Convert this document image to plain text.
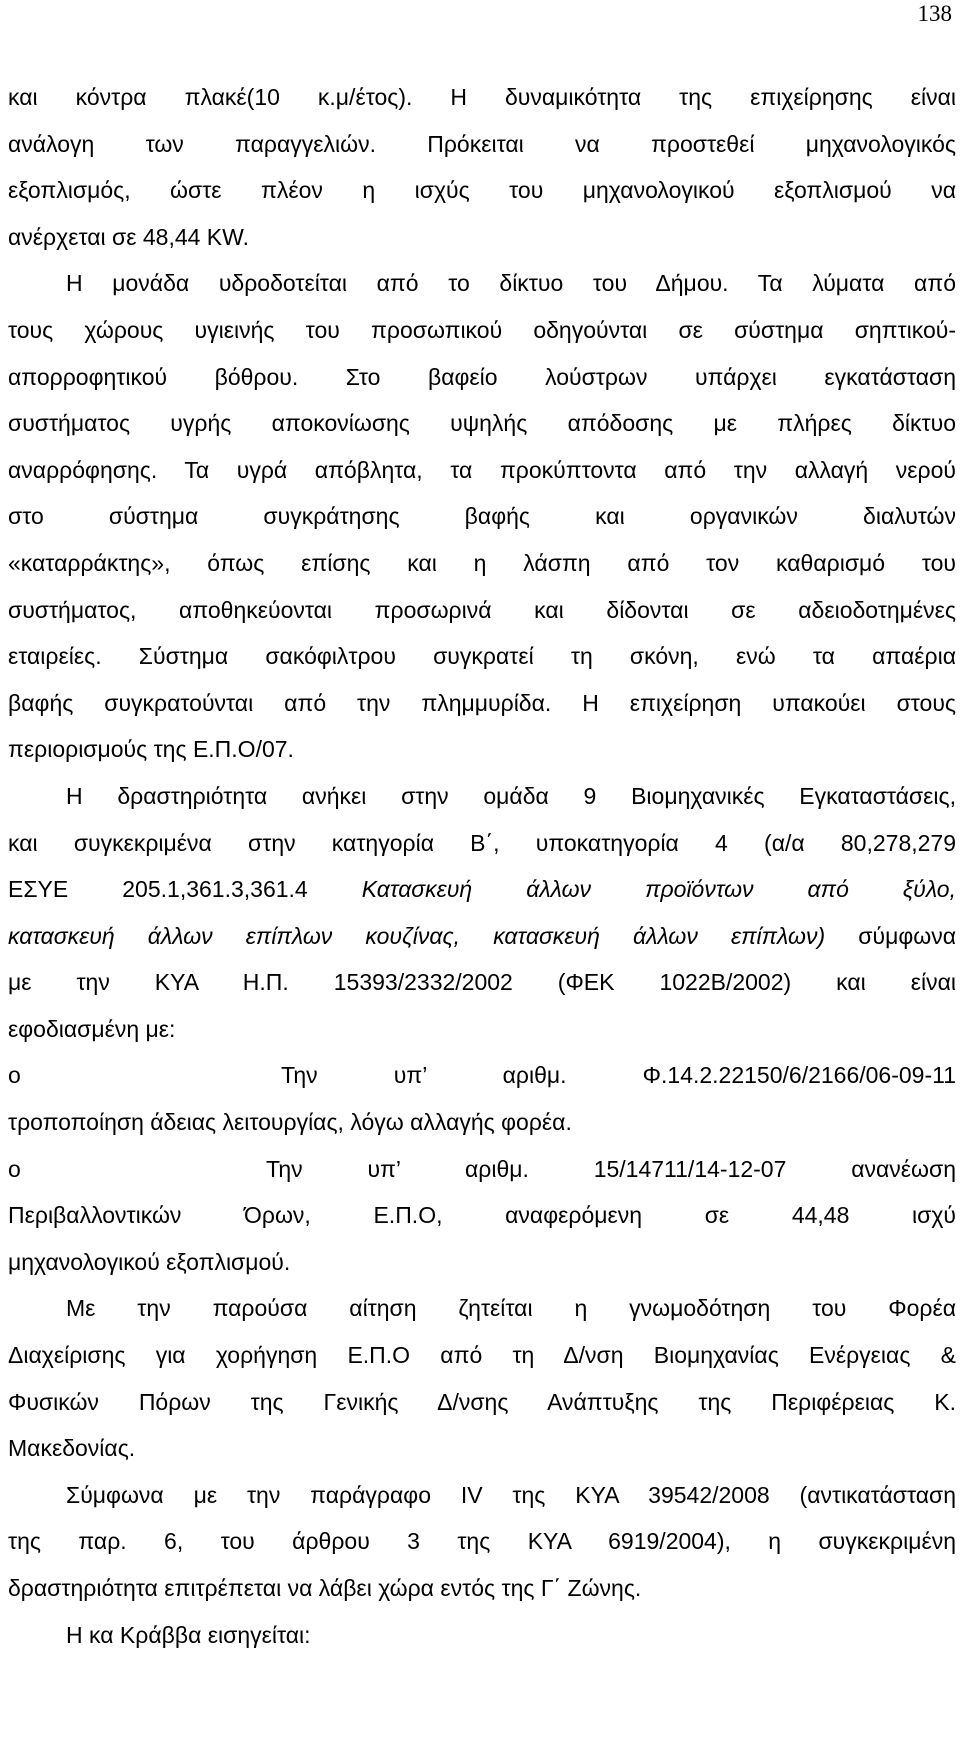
138

και κόντρα πλακέ(10 κ.μ/έτος). Η δυναμικότητα της επιχείρησης είναι
ανάλογη των παραγγελιών. Πρόκειται να προστεθεί μηχανολογικός
εξοπλισμός, ώστε πλέον η ισχύς του μηχανολογικού εξοπλισμού να
ανέρχεται σε 48,44 KW.

Η μονάδα υδροδοτείται από το δίκτυο του Δήμου. Τα λύματα από
τους χώρους υγιεινής του προσωπικού οδηγούνται σε σύστημα σηπτικού-
απορροφητικού βόθρου. Στο βαφείο λούστρων υπάρχει εγκατάσταση
συστήματος υγρής αποκονίωσης υψηλής απόδοσης με πλήρες δίκτυο
αναρρόφησης. Τα υγρά απόβλητα, τα προκύπτοντα από την αλλαγή νερού
στο σύστημα συγκράτησης βαφής και οργανικών διαλυτών
«καταρράκτης», όπως επίσης και η λάσπη από τον καθαρισμό του
συστήματος, αποθηκεύονται προσωρινά και δίδονται σε αδειοδοτημένες
εταιρείες. Σύστημα σακόφιλτρου συγκρατεί τη σκόνη, ενώ τα απαέρια
βαφής συγκρατούνται από την πλημμυρίδα. Η επιχείρηση υπακούει στους
περιορισμούς της Ε.Π.Ο/07.

Η δραστηριότητα ανήκει στην ομάδα 9 Βιομηχανικές Εγκαταστάσεις,
και συγκεκριμένα στην κατηγορία Β΄, υποκατηγορία 4 (α/α 80,278,279
ΕΣΥΕ 205.1,361.3,361.4 Κατασκευή άλλων προϊόντων από ξύλο,
κατασκευή άλλων επίπλων κουζίνας, κατασκευή άλλων επίπλων) σύμφωνα
με την ΚΥΑ Η.Π. 15393/2332/2002 (ΦΕΚ 1022Β/2002) και είναι
εφοδιασμένη με:

o	Την υπ’ αριθμ. Φ.14.2.22150/6/2166/06-09-11
τροποποίηση άδειας λειτουργίας, λόγω αλλαγής φορέα.
o	Την υπ’ αριθμ. 15/14711/14-12-07 ανανέωση
Περιβαλλοντικών Όρων, Ε.Π.Ο, αναφερόμενη σε 44,48 ισχύ
μηχανολογικού εξοπλισμού.

Με την παρούσα αίτηση ζητείται η γνωμοδότηση του Φορέα
Διαχείρισης για χορήγηση Ε.Π.Ο από τη Δ/νση Βιομηχανίας Ενέργειας &
Φυσικών Πόρων της Γενικής Δ/νσης Ανάπτυξης της Περιφέρειας Κ.
Μακεδονίας.

Σύμφωνα με την παράγραφο IV της ΚΥΑ 39542/2008 (αντικατάσταση
της παρ. 6, του άρθρου 3 της ΚΥΑ 6919/2004), η συγκεκριμένη
δραστηριότητα επιτρέπεται να λάβει χώρα εντός της Γ΄ Ζώνης.

Η κα Κράββα εισηγείται:
